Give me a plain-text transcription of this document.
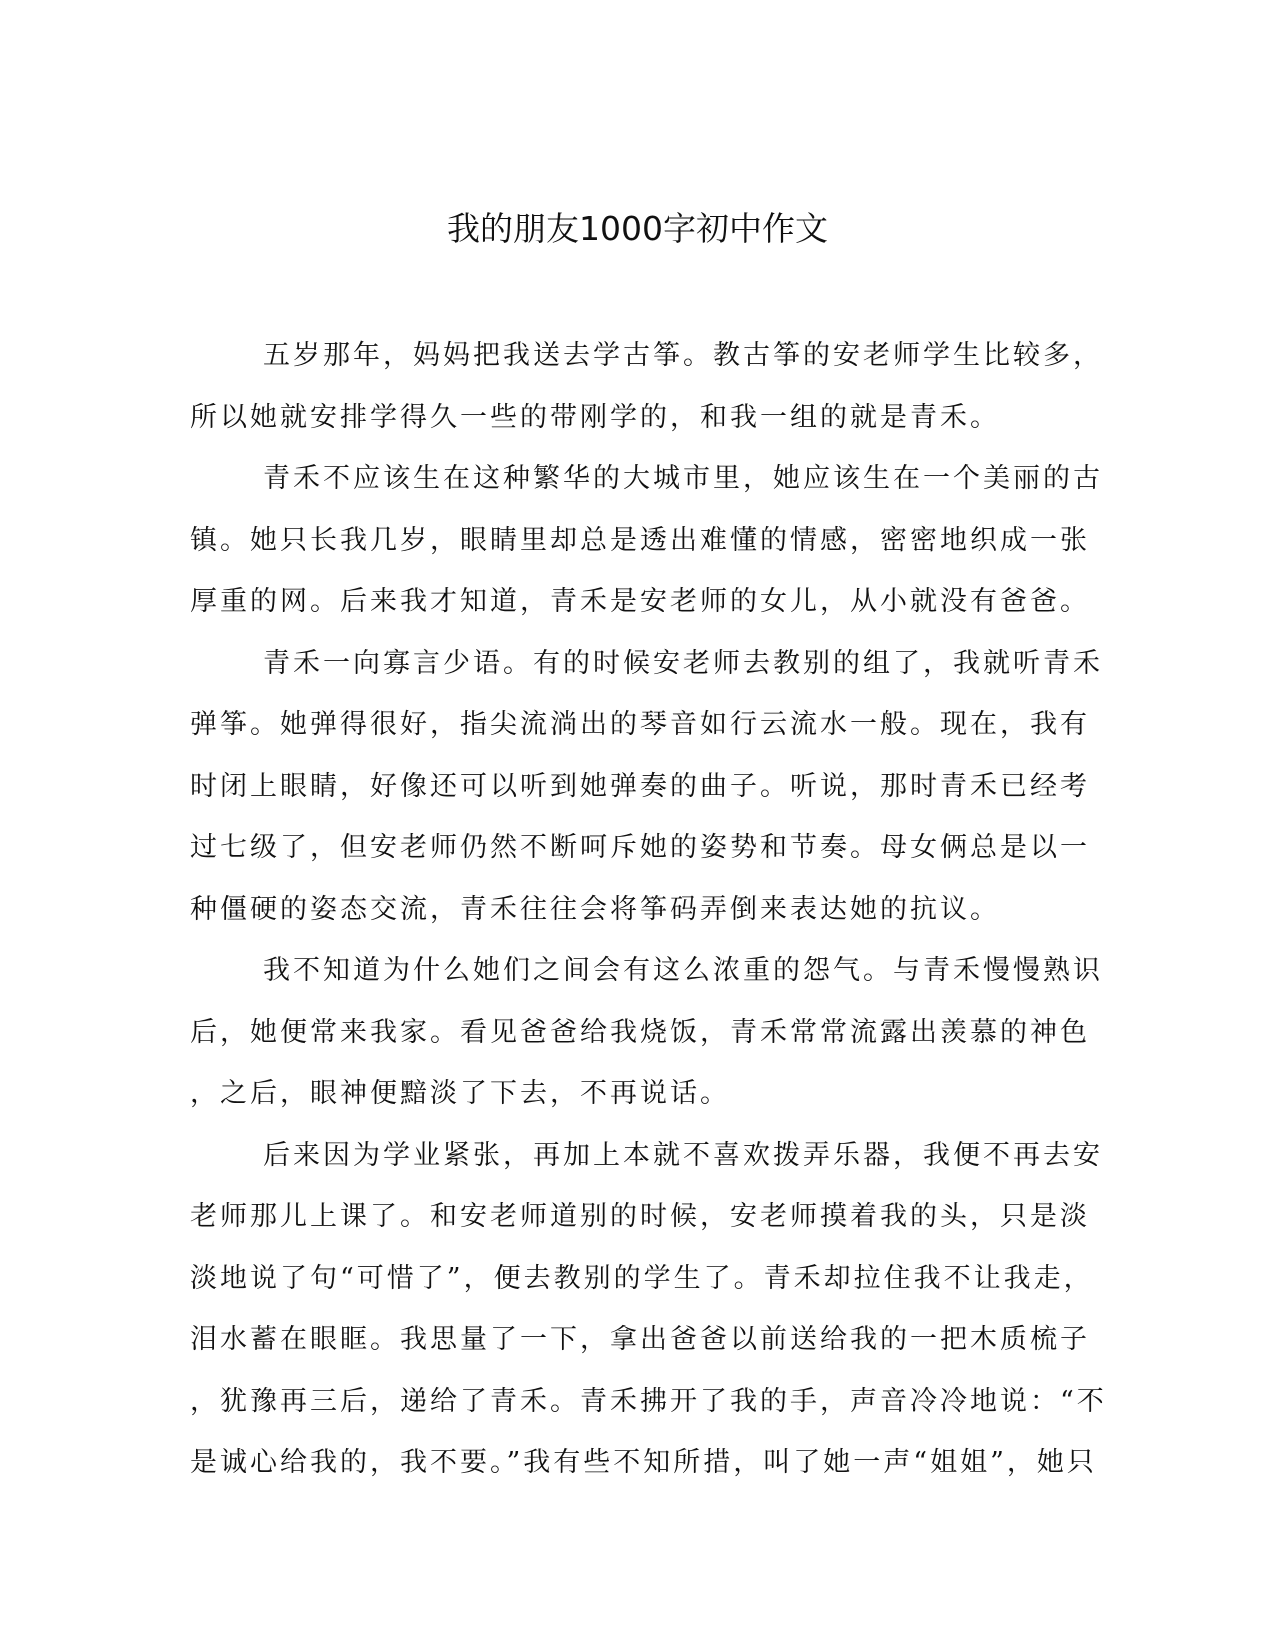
我的朋友1000字初中作文
五岁那年，妈妈把我送去学古筝。教古筝的安老师学生比较多，
所以她就安排学得久一些的带刚学的，和我一组的就是青禾。
青禾不应该生在这种繁华的大城市里，她应该生在一个美丽的古
镇。她只长我几岁，眼睛里却总是透出难懂的情感，密密地织成一张
厚重的网。后来我才知道，青禾是安老师的女儿，从小就没有爸爸。
青禾一向寡言少语。有的时候安老师去教别的组了，我就听青禾
弹筝。她弹得很好，指尖流淌出的琴音如行云流水一般。现在，我有
时闭上眼睛，好像还可以听到她弹奏的曲子。听说，那时青禾已经考
过七级了，但安老师仍然不断呵斥她的姿势和节奏。母女俩总是以一
种僵硬的姿态交流，青禾往往会将筝码弄倒来表达她的抗议。
我不知道为什么她们之间会有这么浓重的怨气。与青禾慢慢熟识
后，她便常来我家。看见爸爸给我烧饭，青禾常常流露出羡慕的神色
，之后，眼神便黯淡了下去，不再说话。
后来因为学业紧张，再加上本就不喜欢拨弄乐器，我便不再去安
老师那儿上课了。和安老师道别的时候，安老师摸着我的头，只是淡
淡地说了句“可惜了”，便去教别的学生了。青禾却拉住我不让我走，
泪水蓄在眼眶。我思量了一下，拿出爸爸以前送给我的一把木质梳子
，犹豫再三后，递给了青禾。青禾拂开了我的手，声音冷冷地说：“不
是诚心给我的，我不要。”我有些不知所措，叫了她一声“姐姐”，她只
